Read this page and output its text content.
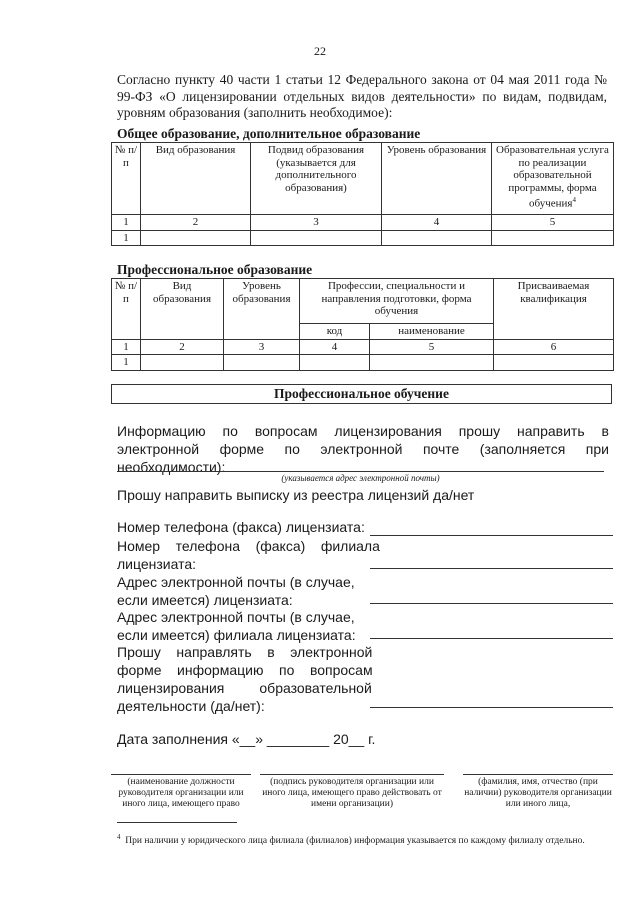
22
Согласно пункту 40 части 1 статьи 12 Федерального закона от 04 мая 2011 года № 99-ФЗ «О лицензировании отдельных видов деятельности» по видам, подвидам, уровням образования (заполнить необходимое):
Общее образование, дополнительное образование
№ п/п	Вид образования	Подвид образования (указывается для дополнительного образования)	Уровень образования	Образовательная услуга по реализации образовательной программы, форма обучения$^4$
1	2	3	4	5
1				
Профессиональное образование
№ п/п	Вид образования	Уровень образования	Профессии, специальности и направления подготовки, форма обучения		Присваиваемая квалификация
			код	наименование	
1	2	3	4	5	6
1					
Профессиональное обучение
Информацию по вопросам лицензирования прошу направить в электронной форме по электронной почте (заполняется при необходимости):
(указывается адрес электронной почты)
Прошу направить выписку из реестра лицензий да/нет
Номер телефона (факса) лицензиата:
Номер    телефона    (факса)    филиала
лицензиата:
Адрес электронной почты (в случае,
если имеется) лицензиата:
Адрес электронной почты (в случае,
если имеется) филиала лицензиата:
Прошу    направлять    в    электронной
форме    информацию    по    вопросам
лицензирования         образовательной
деятельности (да/нет):
Дата заполнения «__» ________ 20__ г.
(наименование должности руководителя организации или иного лица, имеющего право
(подпись руководителя организации или иного лица, имеющего право действовать от имени организации)
(фамилия, имя, отчество (при наличии) руководителя организации или иного лица,
$^4$ При наличии у юридического лица филиала (филиалов) информация указывается по каждому филиалу отдельно.
